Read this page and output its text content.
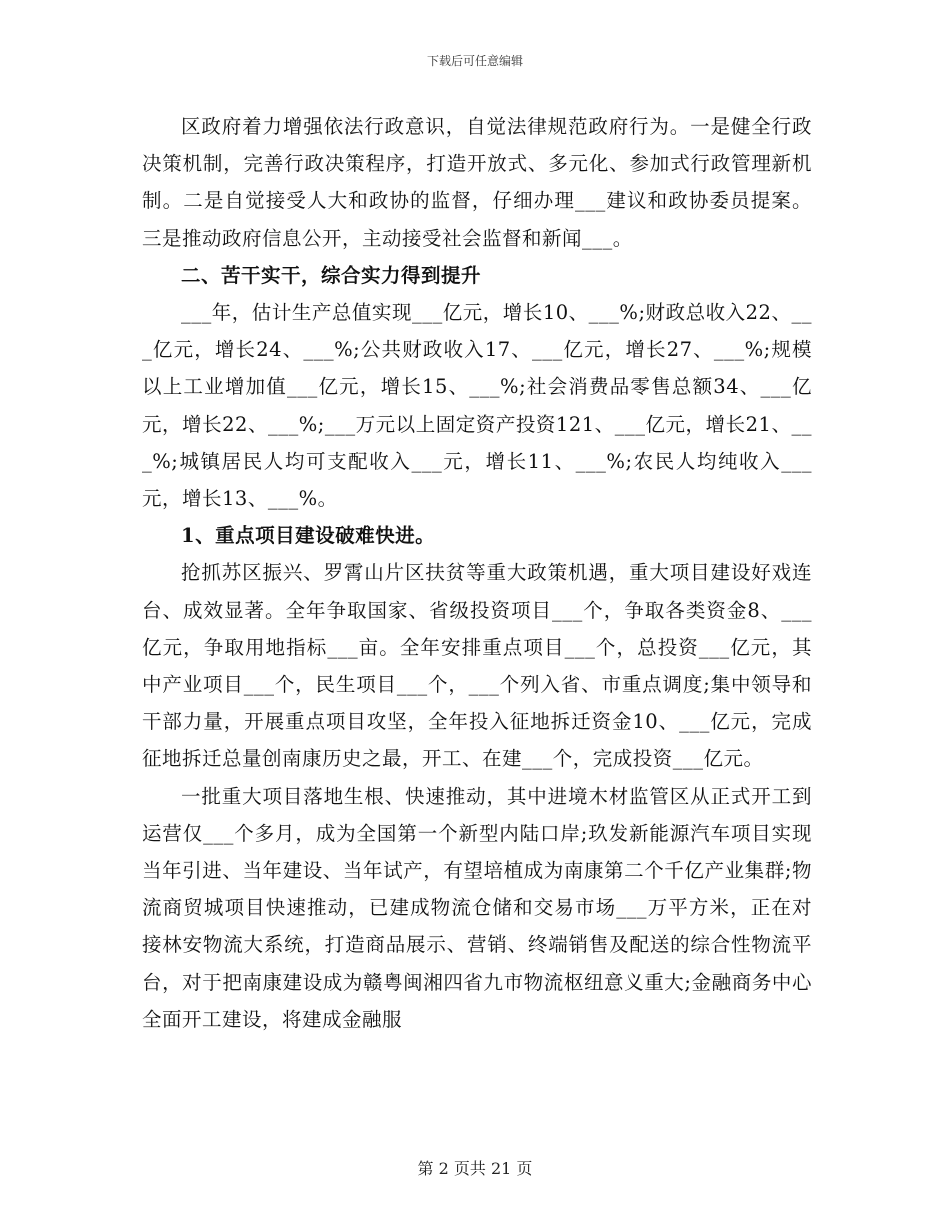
下载后可任意编辑

区政府着力增强依法行政意识，自觉法律规范政府行为。一是健全行政决策机制，完善行政决策程序，打造开放式、多元化、参加式行政管理新机制。二是自觉接受人大和政协的监督，仔细办理___建议和政协委员提案。三是推动政府信息公开，主动接受社会监督和新闻___。

二、苦干实干，综合实力得到提升

___年，估计生产总值实现___亿元，增长10、___%;财政总收入22、___亿元，增长24、___%;公共财政收入17、___亿元，增长27、___%;规模以上工业增加值___亿元，增长15、___%;社会消费品零售总额34、___亿元，增长22、___%;___万元以上固定资产投资121、___亿元，增长21、___%;城镇居民人均可支配收入___元，增长11、___%;农民人均纯收入___元，增长13、___%。

1、重点项目建设破难快进。

抢抓苏区振兴、罗霄山片区扶贫等重大政策机遇，重大项目建设好戏连台、成效显著。全年争取国家、省级投资项目___个，争取各类资金8、___亿元，争取用地指标___亩。全年安排重点项目___个，总投资___亿元，其中产业项目___个，民生项目___个，___个列入省、市重点调度;集中领导和干部力量，开展重点项目攻坚，全年投入征地拆迁资金10、___亿元，完成征地拆迁总量创南康历史之最，开工、在建___个，完成投资___亿元。

一批重大项目落地生根、快速推动，其中进境木材监管区从正式开工到运营仅___个多月，成为全国第一个新型内陆口岸;玖发新能源汽车项目实现当年引进、当年建设、当年试产，有望培植成为南康第二个千亿产业集群;物流商贸城项目快速推动，已建成物流仓储和交易市场___万平方米，正在对接林安物流大系统，打造商品展示、营销、终端销售及配送的综合性物流平台，对于把南康建设成为赣粤闽湘四省九市物流枢纽意义重大;金融商务中心全面开工建设，将建成金融服

第 2 页共 21 页
